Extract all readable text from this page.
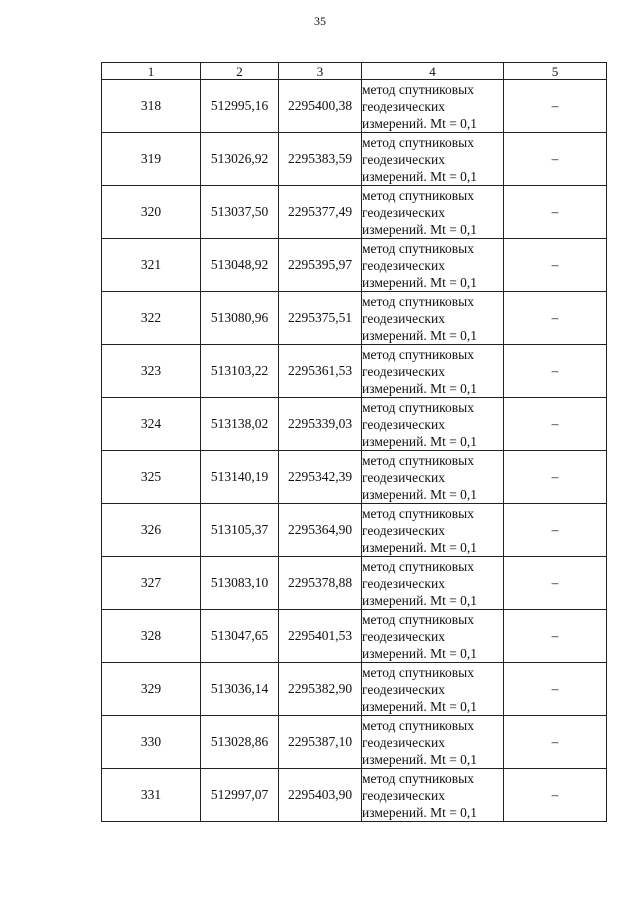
35
1	2	3	4	5
318	512995,16	2295400,38	метод спутниковых
геодезических
измерений. Mt = 0,1	–
319	513026,92	2295383,59	метод спутниковых
геодезических
измерений. Mt = 0,1	–
320	513037,50	2295377,49	метод спутниковых
геодезических
измерений. Mt = 0,1	–
321	513048,92	2295395,97	метод спутниковых
геодезических
измерений. Mt = 0,1	–
322	513080,96	2295375,51	метод спутниковых
геодезических
измерений. Mt = 0,1	–
323	513103,22	2295361,53	метод спутниковых
геодезических
измерений. Mt = 0,1	–
324	513138,02	2295339,03	метод спутниковых
геодезических
измерений. Mt = 0,1	–
325	513140,19	2295342,39	метод спутниковых
геодезических
измерений. Mt = 0,1	–
326	513105,37	2295364,90	метод спутниковых
геодезических
измерений. Mt = 0,1	–
327	513083,10	2295378,88	метод спутниковых
геодезических
измерений. Mt = 0,1	–
328	513047,65	2295401,53	метод спутниковых
геодезических
измерений. Mt = 0,1	–
329	513036,14	2295382,90	метод спутниковых
геодезических
измерений. Mt = 0,1	–
330	513028,86	2295387,10	метод спутниковых
геодезических
измерений. Mt = 0,1	–
331	512997,07	2295403,90	метод спутниковых
геодезических
измерений. Mt = 0,1	–
